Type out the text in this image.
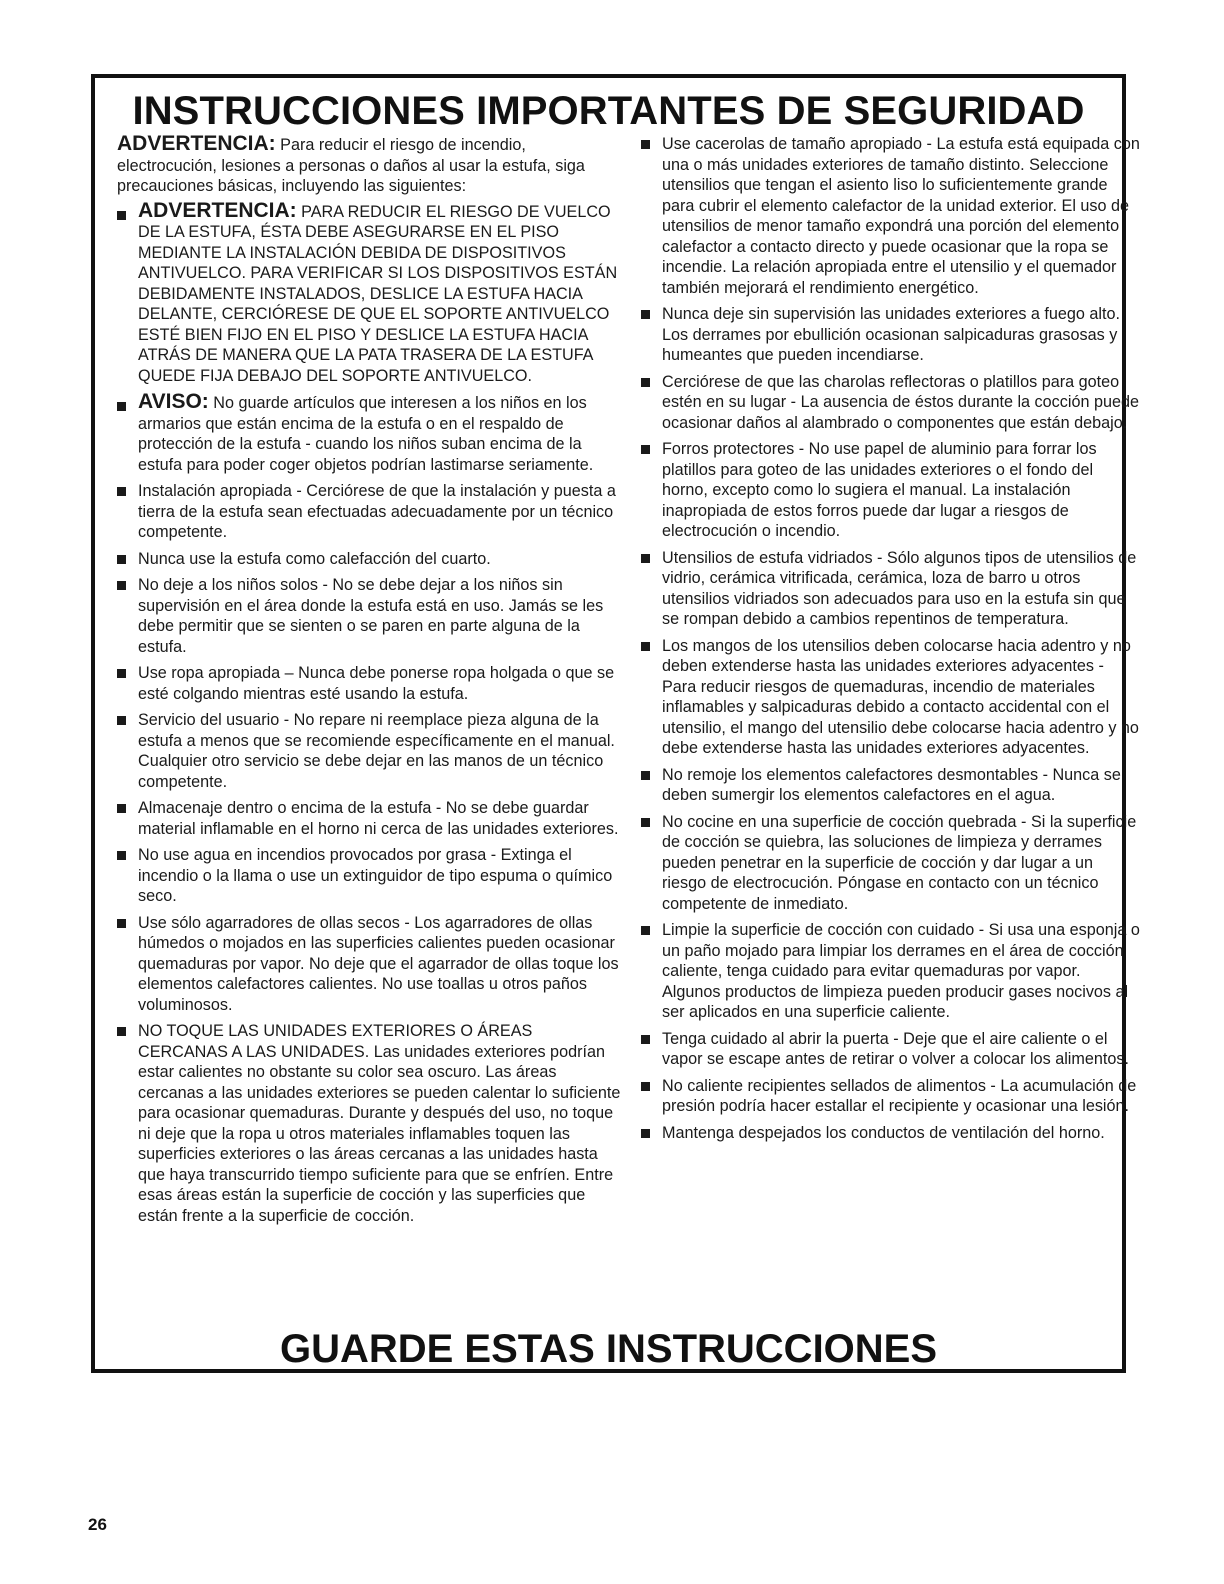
INSTRUCCIONES IMPORTANTES DE SEGURIDAD

ADVERTENCIA: Para reducir el riesgo de incendio, electrocución, lesiones a personas o daños al usar la estufa, siga precauciones básicas, incluyendo las siguientes:

ADVERTENCIA: PARA REDUCIR EL RIESGO DE VUELCO DE LA ESTUFA, ÉSTA DEBE ASEGURARSE EN EL PISO MEDIANTE LA INSTALACIÓN DEBIDA DE DISPOSITIVOS ANTIVUELCO. PARA VERIFICAR SI LOS DISPOSITIVOS ESTÁN DEBIDAMENTE INSTALADOS, DESLICE LA ESTUFA HACIA DELANTE, CERCIÓRESE DE QUE EL SOPORTE ANTIVUELCO ESTÉ BIEN FIJO EN EL PISO Y DESLICE LA ESTUFA HACIA ATRÁS DE MANERA QUE LA PATA TRASERA DE LA ESTUFA QUEDE FIJA DEBAJO DEL SOPORTE ANTIVUELCO.
AVISO: No guarde artículos que interesen a los niños en los armarios que están encima de la estufa o en el respaldo de protección de la estufa - cuando los niños suban encima de la estufa para poder coger objetos podrían lastimarse seriamente.
Instalación apropiada - Cerciórese de que la instalación y puesta a tierra de la estufa sean efectuadas adecuadamente por un técnico competente.
Nunca use la estufa como calefacción del cuarto.
No deje a los niños solos - No se debe dejar a los niños sin supervisión en el área donde la estufa está en uso. Jamás se les debe permitir que se sienten o se paren en parte alguna de la estufa.
Use ropa apropiada – Nunca debe ponerse ropa holgada o que se esté colgando mientras esté usando la estufa.
Servicio del usuario - No repare ni reemplace pieza alguna de la estufa a menos que se recomiende específicamente en el manual. Cualquier otro servicio se debe dejar en las manos de un técnico competente.
Almacenaje dentro o encima de la estufa - No se debe guardar material inflamable en el horno ni cerca de las unidades exteriores.
No use agua en incendios provocados por grasa - Extinga el incendio o la llama o use un extinguidor de tipo espuma o químico seco.
Use sólo agarradores de ollas secos - Los agarradores de ollas húmedos o mojados en las superficies calientes pueden ocasionar quemaduras por vapor. No deje que el agarrador de ollas toque los elementos calefactores calientes. No use toallas u otros paños voluminosos.
NO TOQUE LAS UNIDADES EXTERIORES O ÁREAS CERCANAS A LAS UNIDADES. Las unidades exteriores podrían estar calientes no obstante su color sea oscuro. Las áreas cercanas a las unidades exteriores se pueden calentar lo suficiente para ocasionar quemaduras. Durante y después del uso, no toque ni deje que la ropa u otros materiales inflamables toquen las superficies exteriores o las áreas cercanas a las unidades hasta que haya transcurrido tiempo suficiente para que se enfríen. Entre esas áreas están la superficie de cocción y las superficies que están frente a la superficie de cocción.
Use cacerolas de tamaño apropiado - La estufa está equipada con una o más unidades exteriores de tamaño distinto. Seleccione utensilios que tengan el asiento liso lo suficientemente grande para cubrir el elemento calefactor de la unidad exterior. El uso de utensilios de menor tamaño expondrá una porción del elemento calefactor a contacto directo y puede ocasionar que la ropa se incendie. La relación apropiada entre el utensilio y el quemador también mejorará el rendimiento energético.
Nunca deje sin supervisión las unidades exteriores a fuego alto. Los derrames por ebullición ocasionan salpicaduras grasosas y humeantes que pueden incendiarse.
Cerciórese de que las charolas reflectoras o platillos para goteo estén en su lugar - La ausencia de éstos durante la cocción puede ocasionar daños al alambrado o componentes que están debajo.
Forros protectores - No use papel de aluminio para forrar los platillos para goteo de las unidades exteriores o el fondo del horno, excepto como lo sugiera el manual. La instalación inapropiada de estos forros puede dar lugar a riesgos de electrocución o incendio.
Utensilios de estufa vidriados - Sólo algunos tipos de utensilios de vidrio, cerámica vitrificada, cerámica, loza de barro u otros utensilios vidriados son adecuados para uso en la estufa sin que se rompan debido a cambios repentinos de temperatura.
Los mangos de los utensilios deben colocarse hacia adentro y no deben extenderse hasta las unidades exteriores adyacentes - Para reducir riesgos de quemaduras, incendio de materiales inflamables y salpicaduras debido a contacto accidental con el utensilio, el mango del utensilio debe colocarse hacia adentro y no debe extenderse hasta las unidades exteriores adyacentes.
No remoje los elementos calefactores desmontables - Nunca se deben sumergir los elementos calefactores en el agua.
No cocine en una superficie de cocción quebrada - Si la superficie de cocción se quiebra, las soluciones de limpieza y derrames pueden penetrar en la superficie de cocción y dar lugar a un riesgo de electrocución. Póngase en contacto con un técnico competente de inmediato.
Limpie la superficie de cocción con cuidado - Si usa una esponja o un paño mojado para limpiar los derrames en el área de cocción caliente, tenga cuidado para evitar quemaduras por vapor. Algunos productos de limpieza pueden producir gases nocivos al ser aplicados en una superficie caliente.
Tenga cuidado al abrir la puerta - Deje que el aire caliente o el vapor se escape antes de retirar o volver a colocar los alimentos.
No caliente recipientes sellados de alimentos - La acumulación de presión podría hacer estallar el recipiente y ocasionar una lesión.
Mantenga despejados los conductos de ventilación del horno.
GUARDE ESTAS INSTRUCCIONES
26
